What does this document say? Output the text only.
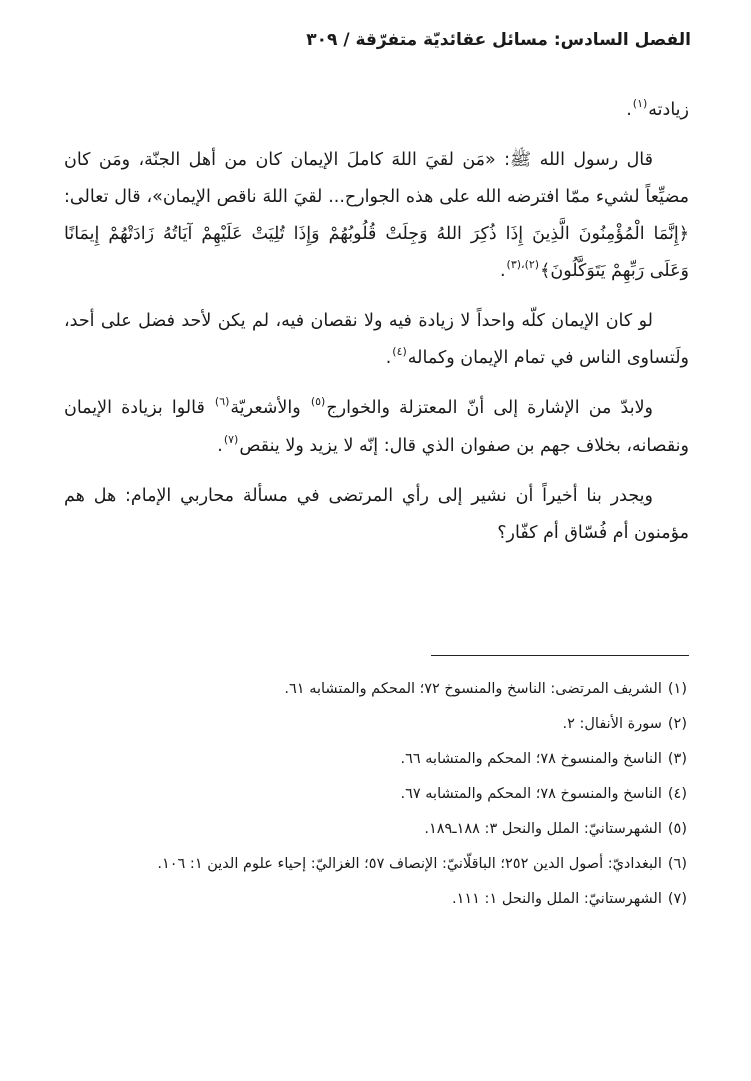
الفصل السادس: مسائل عقائديّة متفرّقة / ٣٠٩

زيادته$^{(١)}$.

قال رسول الله ﷺ: «مَن لقيَ اللهَ كاملَ الإيمان كان من أهل الجنّة، ومَن كان مضيِّعاً لشيء ممّا افترضه الله على هذه الجوارح... لقيَ اللهَ ناقص الإيمان»، قال تعالى: ﴿إِنَّمَا الْمُؤْمِنُونَ الَّذِينَ إِذَا ذُكِرَ اللهُ وَجِلَتْ قُلُوبُهُمْ وَإِذَا تُلِيَتْ عَلَيْهِمْ آيَاتُهُ زَادَتْهُمْ إِيمَانًا وَعَلَى رَبِّهِمْ يَتَوَكَّلُونَ﴾$^{(٢)،(٣)}$.

لو كان الإيمان كلّه واحداً لا زيادة فيه ولا نقصان فيه، لم يكن لأحد فضل على أحد، ولَتساوى الناس في تمام الإيمان وكماله$^{(٤)}$.

ولابدّ من الإشارة إلى أنّ المعتزلة والخوارج$^{(٥)}$ والأشعريّة$^{(٦)}$ قالوا بزيادة الإيمان ونقصانه، بخلاف جهم بن صفوان الذي قال: إنّه لا يزيد ولا ينقص$^{(٧)}$.

ويجدر بنا أخيراً أن نشير إلى رأي المرتضى في مسألة محاربي الإمام: هل هم مؤمنون أم فُسّاق أم كفّار؟

(١)الشريف المرتضى: الناسخ والمنسوخ ٧٢؛ المحكم والمتشابه ٦١.
(٢)سورة الأنفال: ٢.
(٣)الناسخ والمنسوخ ٧٨؛ المحكم والمتشابه ٦٦.
(٤)الناسخ والمنسوخ ٧٨؛ المحكم والمتشابه ٦٧.
(٥)الشهرستانيّ: الملل والنحل ٣: ١٨٨ـ١٨٩.
(٦)البغداديّ: أصول الدين ٢٥٢؛ الباقلّانيّ: الإنصاف ٥٧؛ الغزاليّ: إحياء علوم الدين ١: ١٠٦.
(٧)الشهرستانيّ: الملل والنحل ١: ١١١.
